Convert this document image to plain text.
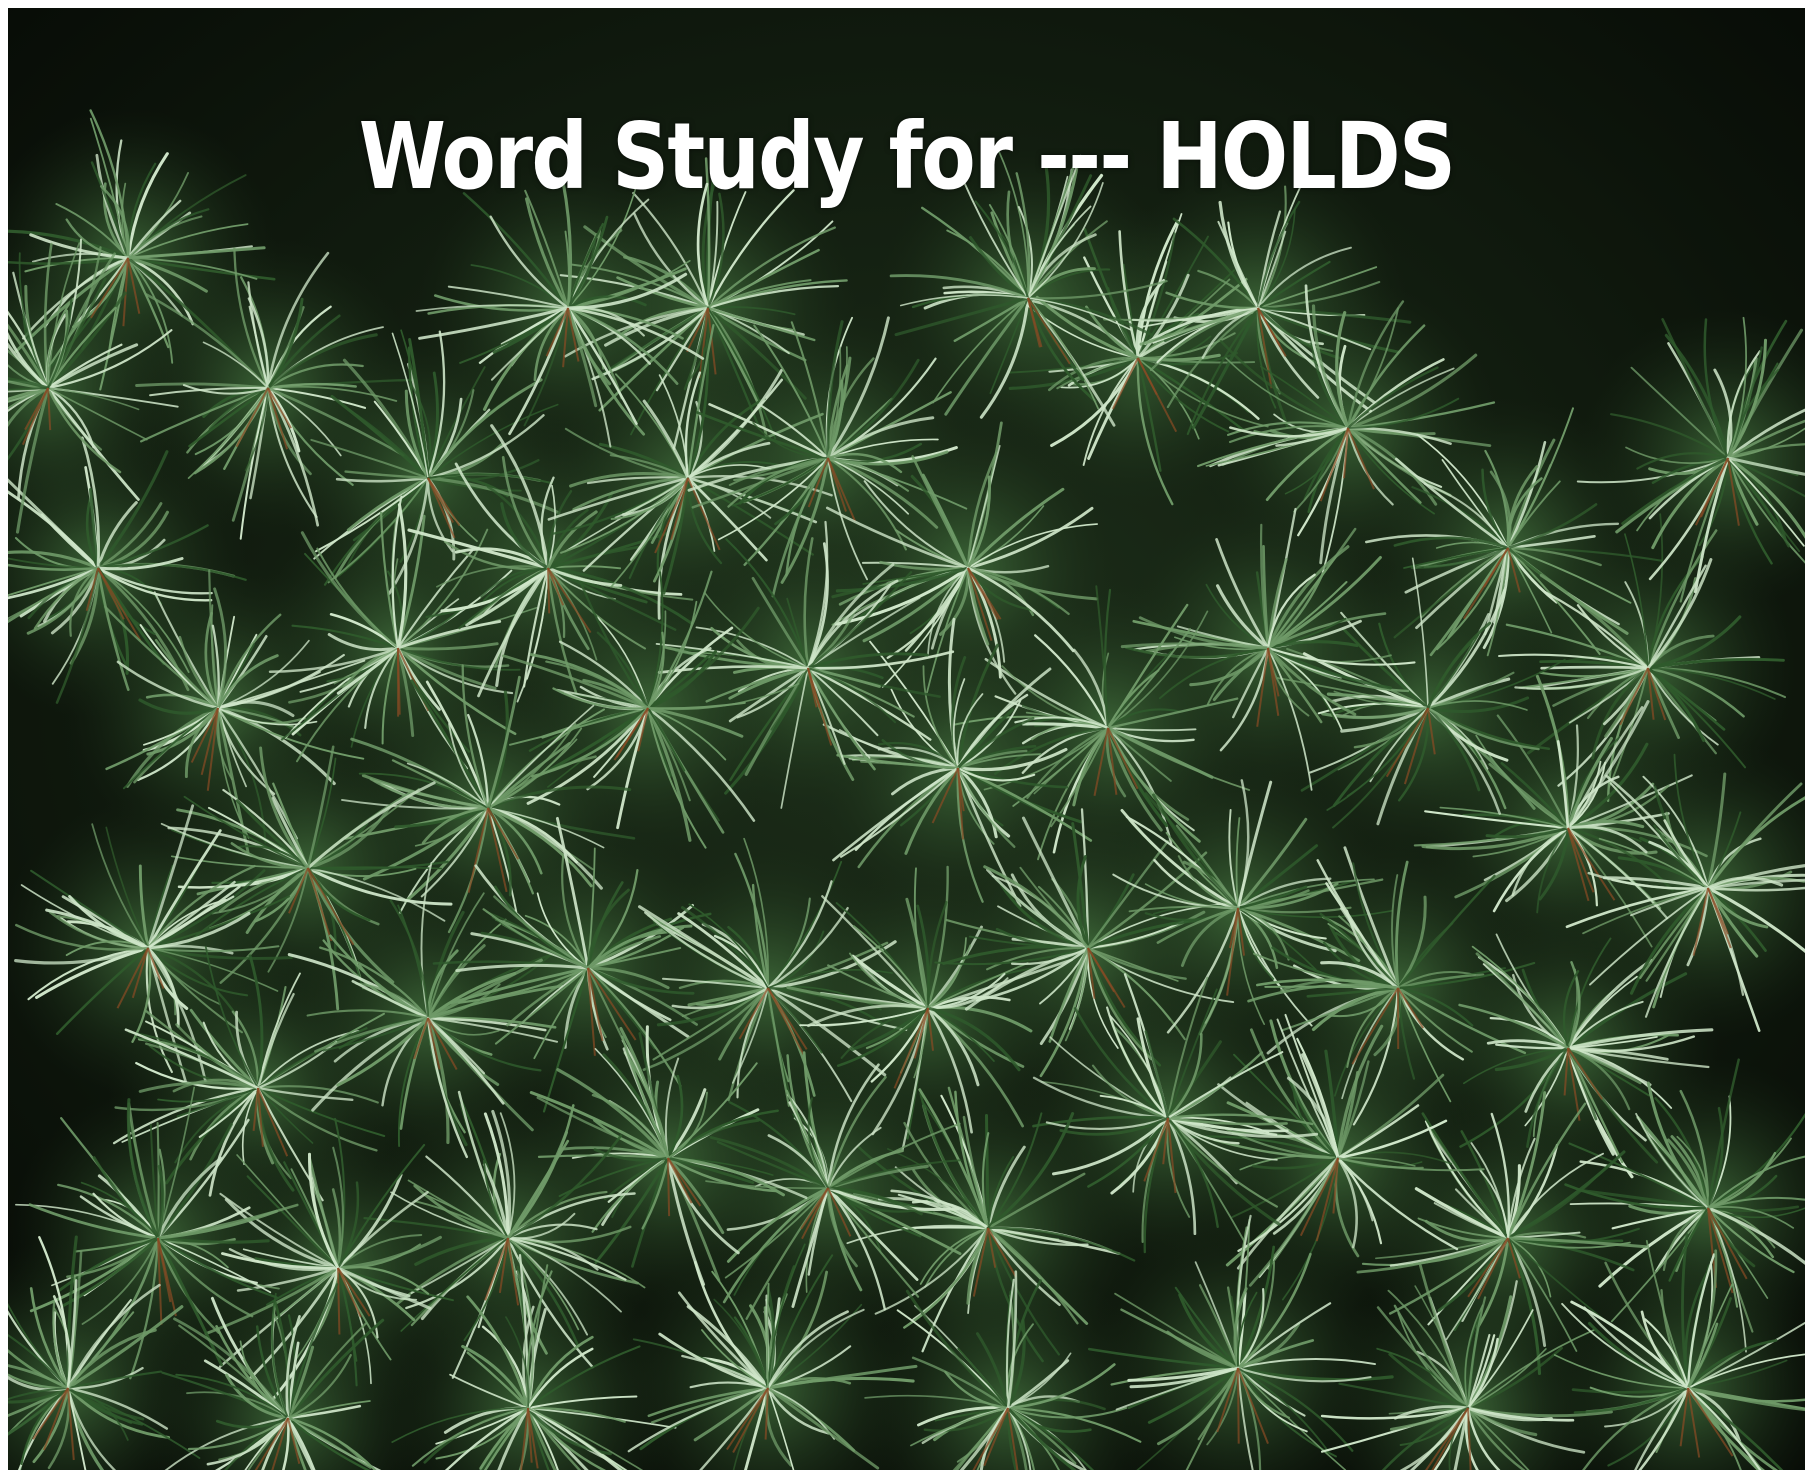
Word Study for --- HOLDS
